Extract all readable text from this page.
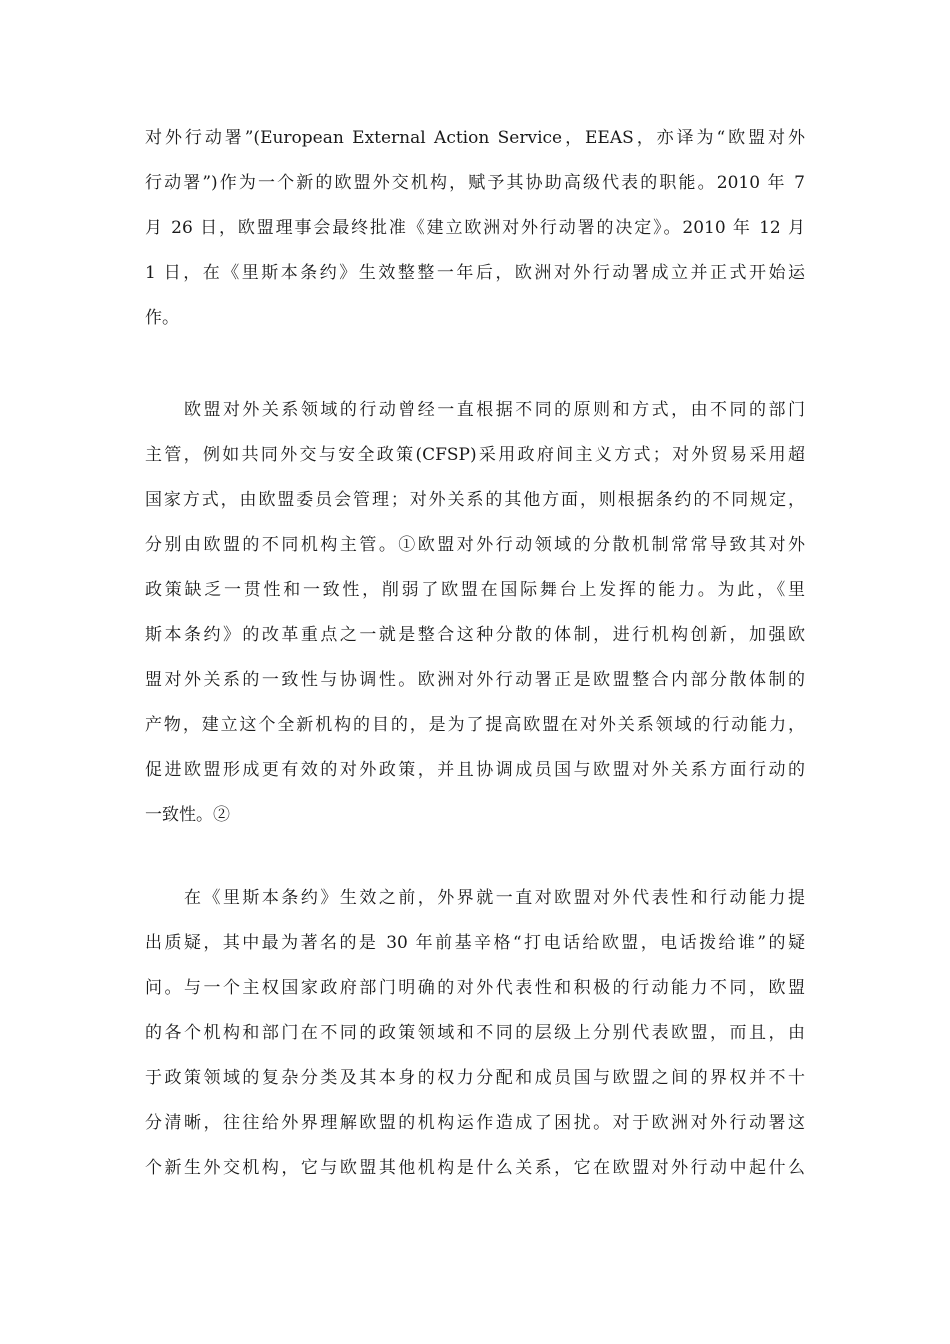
对外行动署”(European External Action Service，EEAS，亦译为“欧盟对外
行动署”)作为一个新的欧盟外交机构，赋予其协助高级代表的职能。2010 年 7
月 26 日，欧盟理事会最终批准《建立欧洲对外行动署的决定》。2010 年 12 月
1 日，在《里斯本条约》生效整整一年后，欧洲对外行动署成立并正式开始运
作。
　　欧盟对外关系领域的行动曾经一直根据不同的原则和方式，由不同的部门
主管，例如共同外交与安全政策(CFSP)采用政府间主义方式；对外贸易采用超
国家方式，由欧盟委员会管理；对外关系的其他方面，则根据条约的不同规定，
分别由欧盟的不同机构主管。①欧盟对外行动领域的分散机制常常导致其对外
政策缺乏一贯性和一致性，削弱了欧盟在国际舞台上发挥的能力。为此，《里
斯本条约》的改革重点之一就是整合这种分散的体制，进行机构创新，加强欧
盟对外关系的一致性与协调性。欧洲对外行动署正是欧盟整合内部分散体制的
产物，建立这个全新机构的目的，是为了提高欧盟在对外关系领域的行动能力，
促进欧盟形成更有效的对外政策，并且协调成员国与欧盟对外关系方面行动的
一致性。②
　　在《里斯本条约》生效之前，外界就一直对欧盟对外代表性和行动能力提
出质疑，其中最为著名的是 30 年前基辛格“打电话给欧盟，电话拨给谁”的疑
问。与一个主权国家政府部门明确的对外代表性和积极的行动能力不同，欧盟
的各个机构和部门在不同的政策领域和不同的层级上分别代表欧盟，而且，由
于政策领域的复杂分类及其本身的权力分配和成员国与欧盟之间的界权并不十
分清晰，往往给外界理解欧盟的机构运作造成了困扰。对于欧洲对外行动署这
个新生外交机构，它与欧盟其他机构是什么关系，它在欧盟对外行动中起什么
